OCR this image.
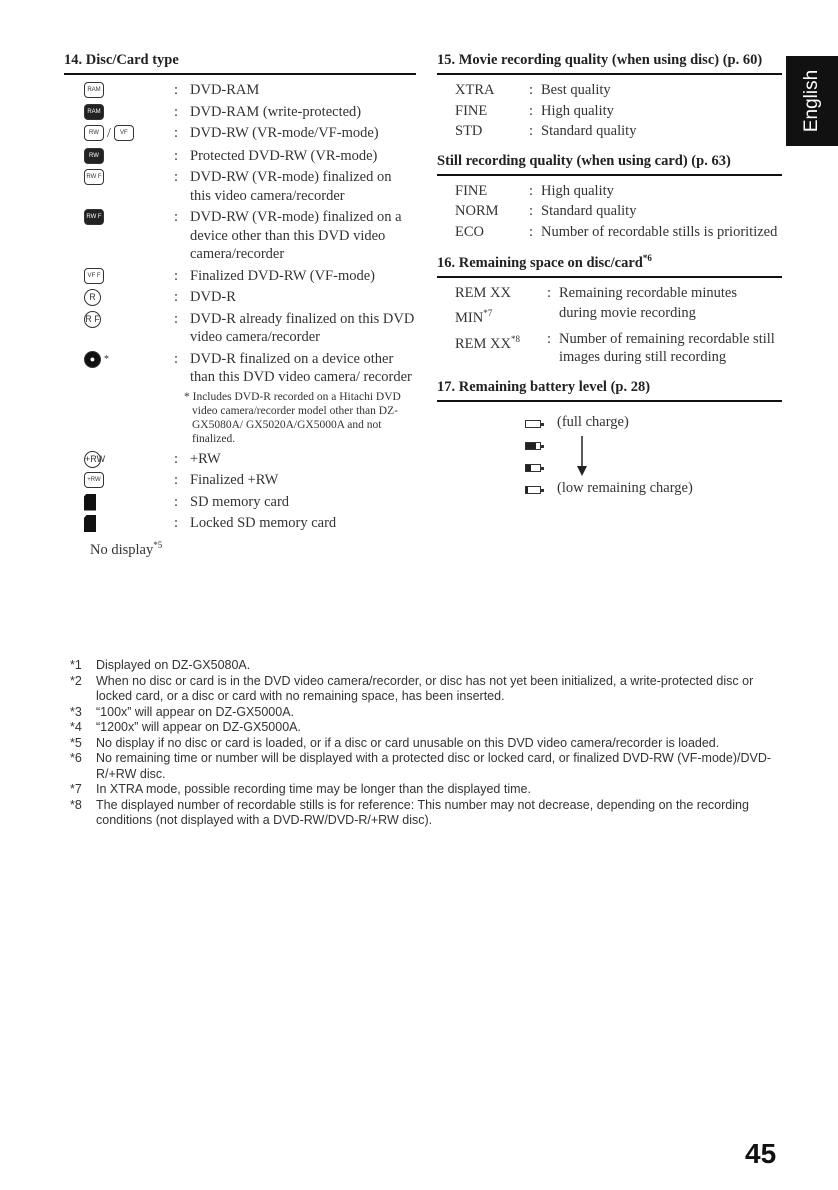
English
14. Disc/Card type
RAM	: DVD-RAM
RAM	: DVD-RAM (write-protected)
RW /	VF	: DVD-RW (VR-mode/VF-mode)
RW	: Protected DVD-RW (VR-mode)
RW F	: DVD-RW (VR-mode) finalized on this video camera/recorder
RW F	: DVD-RW (VR-mode) finalized on a device other than this DVD video camera/recorder
VF F	: Finalized DVD-RW (VF-mode)
R	: DVD-R
R F	: DVD-R already finalized on this DVD video camera/recorder
● *	: DVD-R finalized on a device other than this DVD video camera/ recorder
* Includes DVD-R recorded on a Hitachi DVD video camera/recorder model other than DZ-GX5080A/ GX5020A/GX5000A and not finalized.
+RW	: +RW
+RW	: Finalized +RW
: SD memory card
: Locked SD memory card
No display$^{*5}$
15. Movie recording quality (when using disc) (p. 60)
XTRA	: Best quality
FINE	: High quality
STD	: Standard quality
Still recording quality (when using card) (p. 63)
FINE	: High quality
NORM	: Standard quality
ECO	: Number of recordable stills is prioritized
16. Remaining space on disc/card$^{*6}$
REM XX	: Remaining recordable minutes
MIN$^{*7}$	during movie recording
REM XX$^{*8}$	: Number of remaining recordable still images during still recording
17. Remaining battery level (p. 28)
(full charge)
(low remaining charge)
*1	Displayed on DZ-GX5080A.
*2	When no disc or card is in the DVD video camera/recorder, or disc has not yet been initialized, a write-protected disc or locked card, or a disc or card with no remaining space, has been inserted.
*3	“100x” will appear on DZ-GX5000A.
*4	“1200x” will appear on DZ-GX5000A.
*5	No display if no disc or card is loaded, or if a disc or card unusable on this DVD video camera/recorder is loaded.
*6	No remaining time or number will be displayed with a protected disc or locked card, or finalized DVD-RW (VF-mode)/DVD-R/+RW disc.
*7	In XTRA mode, possible recording time may be longer than the displayed time.
*8	The displayed number of recordable stills is for reference: This number may not decrease, depending on the recording conditions (not displayed with a DVD-RW/DVD-R/+RW disc).
45
